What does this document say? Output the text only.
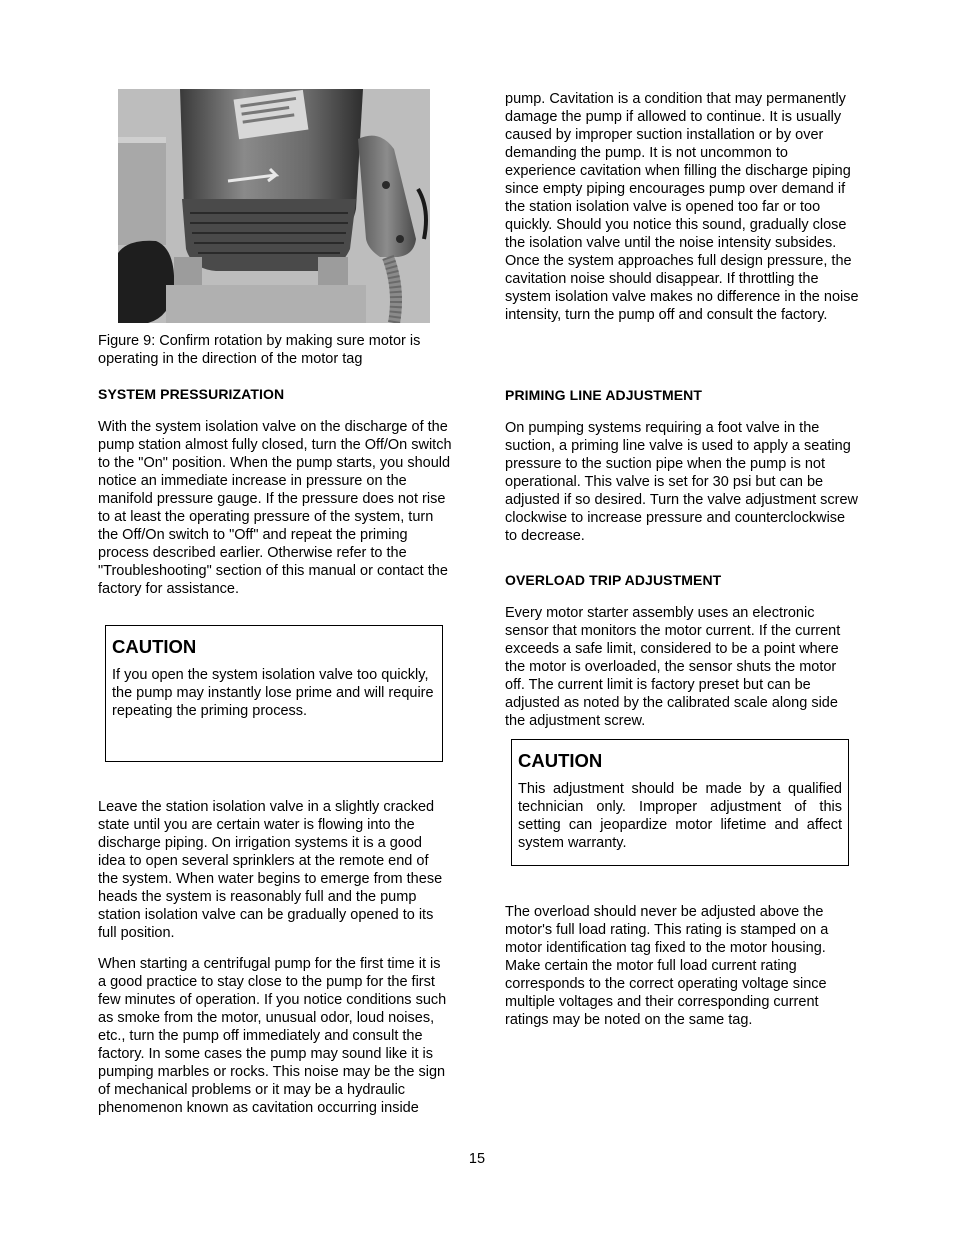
Figure 9: Confirm rotation by making sure motor is operating in the direction of the motor tag

SYSTEM PRESSURIZATION

With the system isolation valve on the discharge of the pump station almost fully closed, turn the Off/On switch to the "On" position. When the pump starts, you should notice an immediate increase in pressure on the manifold pressure gauge. If the pressure does not rise to at least the operating pressure of the system, turn the Off/On switch to "Off" and repeat the priming process described earlier. Otherwise refer to the "Troubleshooting" section of this manual or contact the factory for assistance.

CAUTION

If you open the system isolation valve too quickly, the pump may instantly lose prime and will require repeating the priming process.

Leave the station isolation valve in a slightly cracked state until you are certain water is flowing into the discharge piping. On irrigation systems it is a good idea to open several sprinklers at the remote end of the system. When water begins to emerge from these heads the system is reasonably full and the pump station isolation valve can be gradually opened to its full position.

When starting a centrifugal pump for the first time it is a good practice to stay close to the pump for the first few minutes of operation. If you notice conditions such as smoke from the motor, unusual odor, loud noises, etc., turn the pump off immediately and consult the factory. In some cases the pump may sound like it is pumping marbles or rocks. This noise may be the sign of mechanical problems or it may be a hydraulic phenomenon known as cavitation occurring inside

pump. Cavitation is a condition that may permanently damage the pump if allowed to continue. It is usually caused by improper suction installation or by over demanding the pump. It is not uncommon to experience cavitation when filling the discharge piping since empty piping encourages pump over demand if the station isolation valve is opened too far or too quickly. Should you notice this sound, gradually close the isolation valve until the noise intensity subsides. Once the system approaches full design pressure, the cavitation noise should disappear. If throttling the system isolation valve makes no difference in the noise intensity, turn the pump off and consult the factory.

PRIMING LINE ADJUSTMENT

On pumping systems requiring a foot valve in the suction, a priming line valve is used to apply a seating pressure to the suction pipe when the pump is not operational. This valve is set for 30 psi but can be adjusted if so desired. Turn the valve adjustment screw clockwise to increase pressure and counterclockwise to decrease.

OVERLOAD TRIP ADJUSTMENT

Every motor starter assembly uses an electronic sensor that monitors the motor current. If the current exceeds a safe limit, considered to be a point where the motor is overloaded, the sensor shuts the motor off. The current limit is factory preset but can be adjusted as noted by the calibrated scale along side the adjustment screw.

CAUTION

This adjustment should be made by a qualified technician only. Improper adjustment of this setting can jeopardize motor lifetime and affect system warranty.

The overload should never be adjusted above the motor's full load rating. This rating is stamped on a motor identification tag fixed to the motor housing. Make certain the motor full load current rating corresponds to the correct operating voltage since multiple voltages and their corresponding current ratings may be noted on the same tag.

15
